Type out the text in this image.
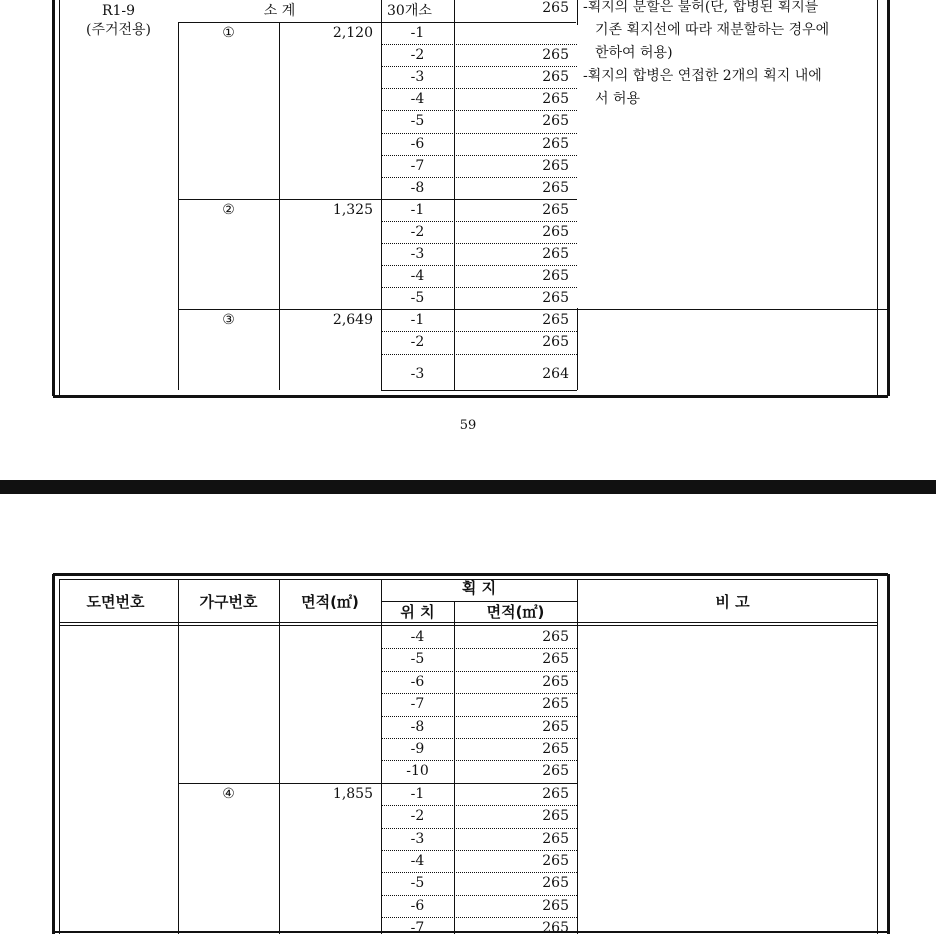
R1-9
(주거전용)
소 계	30개소	265
①	2,120	-1
-2	265
-3	265
-4	265
-5	265
-6	265
-7	265
-8	265
②	1,325	-1	265
-2	265
-3	265
-4	265
-5	265
③	2,649	-1	265
-2	265
-3	264
-획지의 분할은 불허(단, 합병된 획지를
기존 획지선에 따라 재분할하는 경우에
한하여 허용)
-획지의 합병은 연접한 2개의 획지 내에
서 허용
59
도면번호	가구번호	면적(㎡)
획 지
위 치	면적(㎡)
비 고
-4	265
-5	265
-6	265
-7	265
-8	265
-9	265
-10	265
④	1,855	-1	265
-2	265
-3	265
-4	265
-5	265
-6	265
-7	265
